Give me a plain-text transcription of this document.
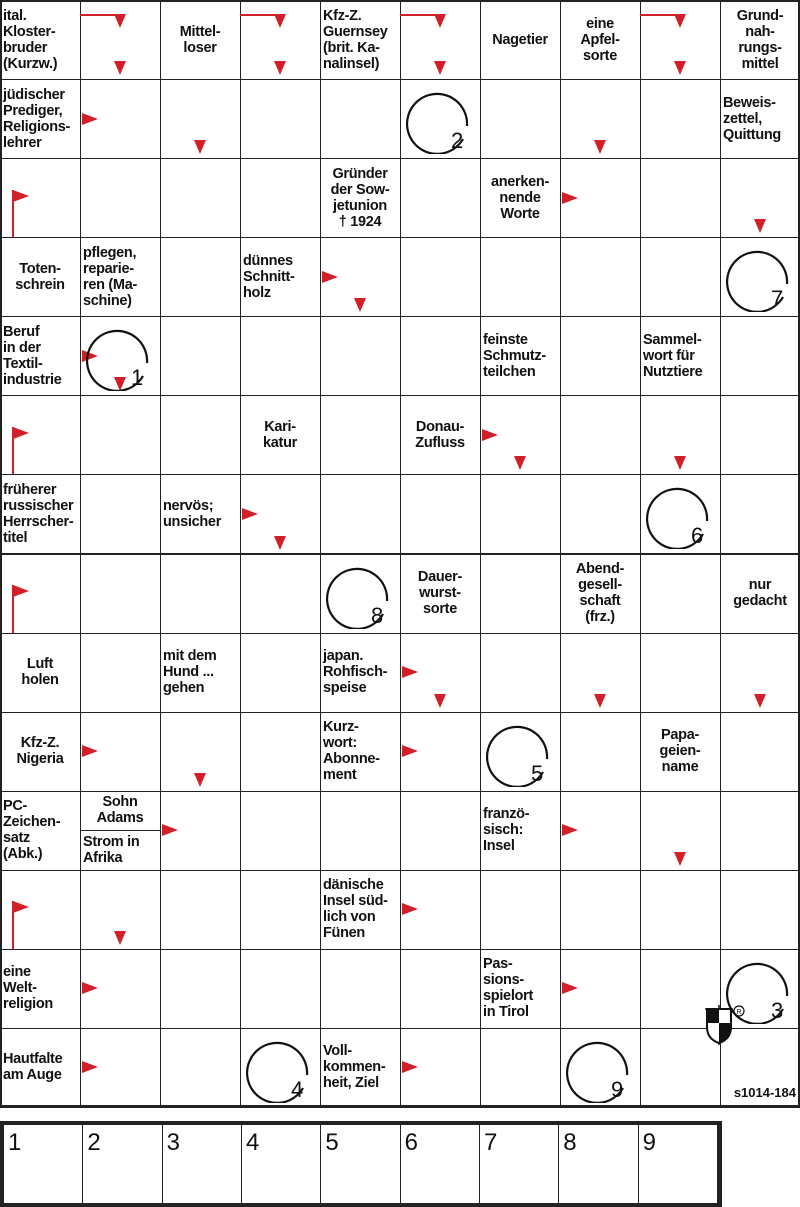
ital.
Kloster-
bruder
(Kurzw.)
Mittel-
loser
Kfz-Z.
Guernsey
(brit. Ka-
nalinsel)
Nagetier
eine
Apfel-
sorte
Grund-
nah-
rungs-
mittel
jüdischer
Prediger,
Religions-
lehrer
Beweis-
zettel,
Quittung
Gründer
der Sow-
jetunion
† 1924
anerken-
nende
Worte
Toten-
schrein
pflegen,
reparie-
ren (Ma-
schine)
dünnes
Schnitt-
holz
Beruf
in der
Textil-
industrie
feinste
Schmutz-
teilchen
Sammel-
wort für
Nutztiere
Kari-
katur
Donau-
Zufluss
früherer
russischer
Herrscher-
titel
nervös;
unsicher
Dauer-
wurst-
sorte
Abend-
gesell-
schaft
(frz.)
nur
gedacht
Luft
holen
mit dem
Hund ...
gehen
japan.
Rohfisch-
speise
Kfz-Z.
Nigeria
Kurz-
wort:
Abonne-
ment
Papa-
geien-
name
PC-
Zeichen-
satz
(Abk.)
franzö-
sisch:
Insel
dänische
Insel süd-
lich von
Fünen
eine
Welt-
religion
Pas-
sions-
spielort
in Tirol
Hautfalte
am Auge
Voll-
kommen-
heit, Ziel
Sohn
Adams
Strom in
Afrika
2
7
1
6
8
5
3
4	9
R
s1014-184
1	2	3	4	5	6	7	8	9
